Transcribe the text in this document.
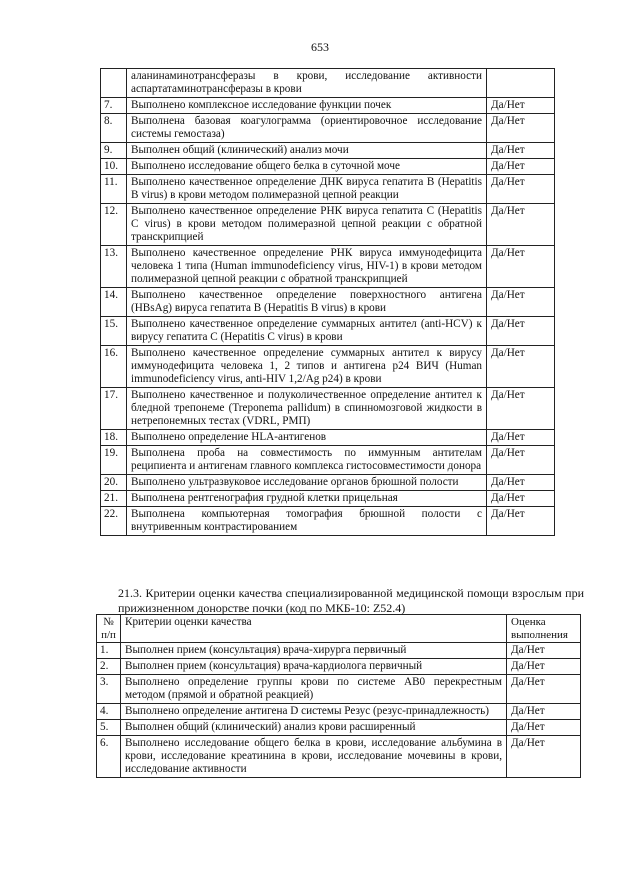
653
	аланинаминотрансферазы в крови, исследование активности аспартатаминотрансферазы в крови	
7.	Выполнено комплексное исследование функции почек	Да/Нет
8.	Выполнена базовая коагулограмма (ориентировочное исследование системы гемостаза)	Да/Нет
9.	Выполнен общий (клинический) анализ мочи	Да/Нет
10.	Выполнено исследование общего белка в суточной моче	Да/Нет
11.	Выполнено качественное определение ДНК вируса гепатита В (Hepatitis В virus) в крови методом полимеразной цепной реакции	Да/Нет
12.	Выполнено качественное определение РНК вируса гепатита С (Hepatitis С virus) в крови методом полимеразной цепной реакции с обратной транскрипцией	Да/Нет
13.	Выполнено качественное определение РНК вируса иммунодефицита человека 1 типа (Human immunodeficiency virus, HIV-1) в крови методом полимеразной цепной реакции с обратной транскрипцией	Да/Нет
14.	Выполнено качественное определение поверхностного антигена (HBsAg) вируса гепатита В (Hepatitis В virus) в крови	Да/Нет
15.	Выполнено качественное определение суммарных антител (anti-HCV) к вирусу гепатита С (Hepatitis С virus) в крови	Да/Нет
16.	Выполнено качественное определение суммарных антител к вирусу иммунодефицита человека 1, 2 типов и антигена р24 ВИЧ (Human immunodeficiency virus, anti-HIV 1,2/Ag p24) в крови	Да/Нет
17.	Выполнено качественное и полуколичественное определение антител к бледной трепонеме (Treponema pallidum) в спинномозговой жидкости в нетрепонемных тестах (VDRL, РМП)	Да/Нет
18.	Выполнено определение HLA-антигенов	Да/Нет
19.	Выполнена проба на совместимость по иммунным антителам реципиента и антигенам главного комплекса гистосовместимости донора	Да/Нет
20.	Выполнено ультразвуковое исследование органов брюшной полости	Да/Нет
21.	Выполнена рентгенография грудной клетки прицельная	Да/Нет
22.	Выполнена компьютерная томография брюшной полости с внутривенным контрастированием	Да/Нет
21.3. Критерии оценки качества специализированной медицинской помощи взрослым при прижизненном донорстве почки (код по МКБ-10: Z52.4)
№ п/п	Критерии оценки качества	Оценка выполнения
1.	Выполнен прием (консультация) врача-хирурга первичный	Да/Нет
2.	Выполнен прием (консультация) врача-кардиолога первичный	Да/Нет
3.	Выполнено определение группы крови по системе АВ0 перекрестным методом (прямой и обратной реакцией)	Да/Нет
4.	Выполнено определение антигена D системы Резус (резус-принадлежность)	Да/Нет
5.	Выполнен общий (клинический) анализ крови расширенный	Да/Нет
6.	Выполнено исследование общего белка в крови, исследование альбумина в крови, исследование креатинина в крови, исследование мочевины в крови, исследование активности	Да/Нет
